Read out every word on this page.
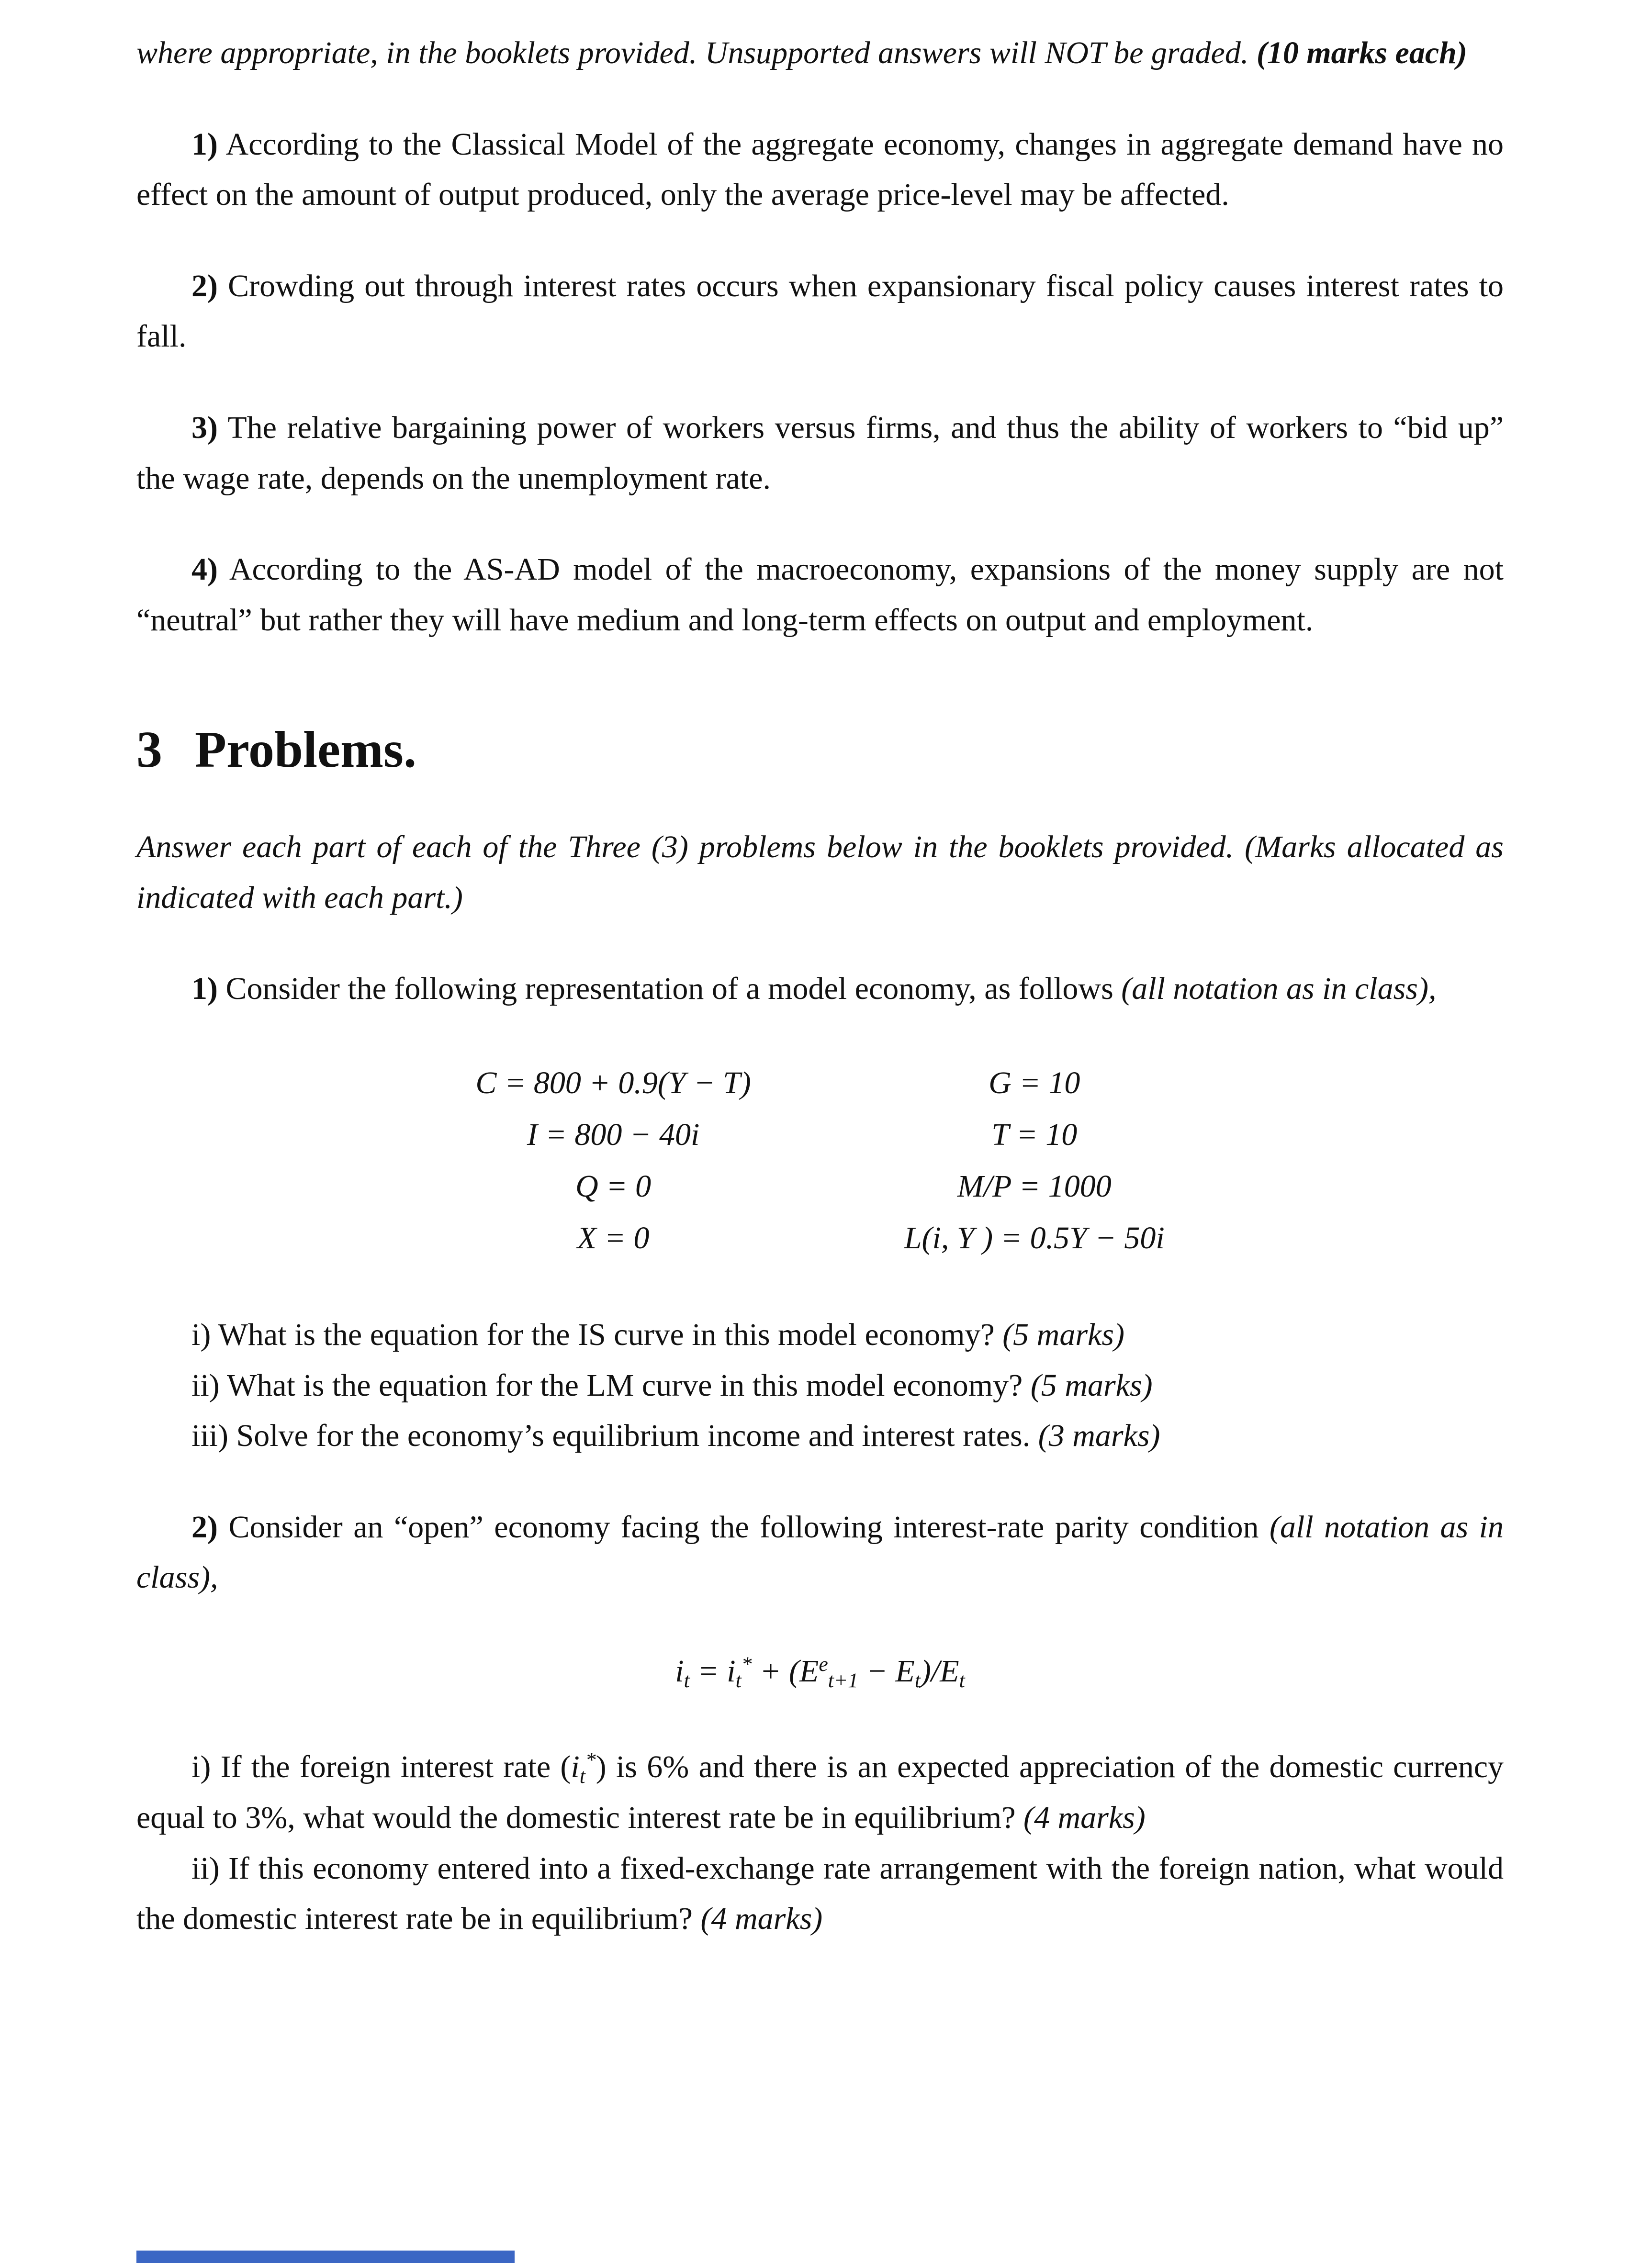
where appropriate, in the booklets provided. Unsupported answers will NOT be graded. (10 marks each)

1) According to the Classical Model of the aggregate economy, changes in aggregate demand have no effect on the amount of output produced, only the average price-level may be affected.

2) Crowding out through interest rates occurs when expansionary fiscal policy causes interest rates to fall.

3) The relative bargaining power of workers versus firms, and thus the ability of workers to “bid up” the wage rate, depends on the unemployment rate.

4) According to the AS-AD model of the macroeconomy, expansions of the money supply are not “neutral” but rather they will have medium and long-term effects on output and employment.

3 Problems.

Answer each part of each of the Three (3) problems below in the booklets provided. (Marks allocated as indicated with each part.)

1) Consider the following representation of a model economy, as follows (all notation as in class),

C = 800 + 0.9(Y − T)
I = 800 − 40i
Q = 0
X = 0
G = 10
T = 10
M/P = 1000
L(i, Y ) = 0.5Y − 50i

i) What is the equation for the IS curve in this model economy? (5 marks)

ii) What is the equation for the LM curve in this model economy? (5 marks)

iii) Solve for the economy’s equilibrium income and interest rates. (3 marks)

2) Consider an “open” economy facing the following interest-rate parity condition (all notation as in class),

$i_t = i_t^* + (E^e_{t+1} - E_t)/E_t$

i) If the foreign interest rate $(i_t^*)$ is 6% and there is an expected appreciation of the domestic currency equal to 3%, what would the domestic interest rate be in equilibrium? (4 marks)

ii) If this economy entered into a fixed-exchange rate arrangement with the foreign nation, what would the domestic interest rate be in equilibrium? (4 marks)
